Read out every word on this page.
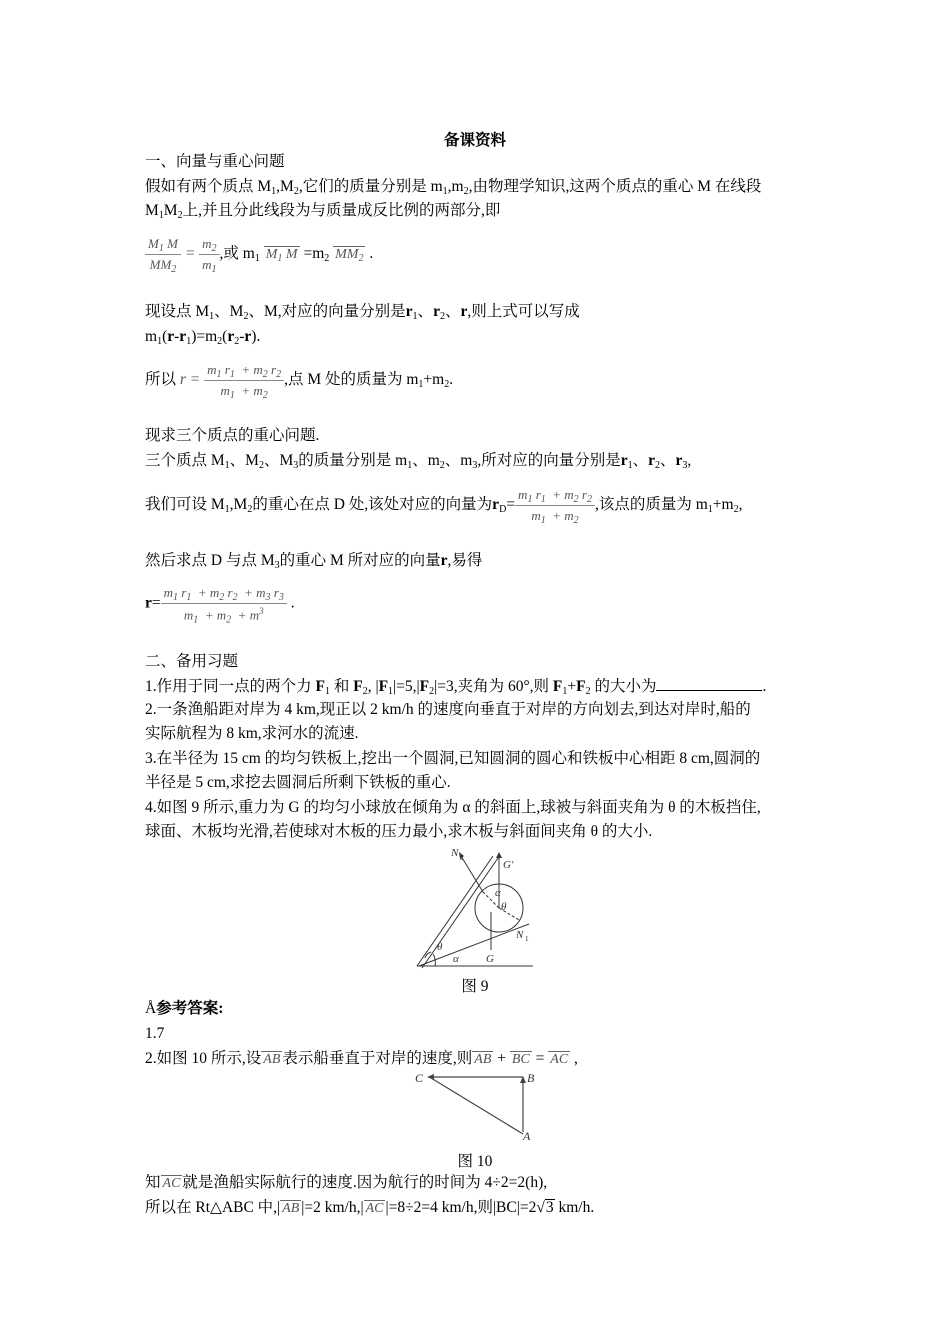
备课资料
一、向量与重心问题
假如有两个质点 $M_1,M_2$,它们的质量分别是 $m_1,m_2$,由物理学知识,这两个质点的重心 M 在线段
$M_1M_2$上,并且分此线段为与质量成反比例的两部分,即
$\frac{M_1 M}{MM_2} = \frac{m_2}{m_1}$ ,或 $m_1$ $M_1$ $M =m_2$ $MM_2$ .
现设点 $M_1$、$M_2$、M,对应的向量分别是$r_1$、$r_2$、r,则上式可以写成
$m_1(r-r_1)=m_2(r_2-r)$.
所以 $r = \frac{m_1 r_1 + m_2 r_2}{m_1 + m_2}$ ,点 M 处的质量为 $m_1+m_2$.
现求三个质点的重心问题.
三个质点 $M_1$、$M_2$、$M_3$的质量分别是 $m_1$、$m_2$、$m_3$,所对应的向量分别是$r_1$、$r_2$、$r_3$,
我们可设 $M_1,M_2$的重心在点 D 处,该处对应的向量为$r_D= \frac{m_1 r_1 + m_2 r_2}{m_1 + m_2}$ ,该点的质量为 $m_1+m_2$,
然后求点 D 与点 $M_3$的重心 M 所对应的向量r,易得
$r= \frac{m_1 r_1 + m_2 r_2 + m_3 r_3}{m_1 + m_2 + m^3}$ .
二、备用习题
1.作用于同一点的两个力 $F_1$ 和 $F_2$, $|F_1|=5,|F_2|=3$,夹角为 60°,则 $F_1+F_2$ 的大小为	.
2.一条渔船距对岸为 4 km,现正以 2 km/h 的速度向垂直于对岸的方向划去,到达对岸时,船的
实际航程为 8 km,求河水的流速.
3.在半径为 15 cm 的均匀铁板上,挖出一个圆洞,已知圆洞的圆心和铁板中心相距 8 cm,圆洞的
半径是 5 cm,求挖去圆洞后所剩下铁板的重心.
4.如图 9 所示,重力为 G 的均匀小球放在倾角为 α 的斜面上,球被与斜面夹角为 θ 的木板挡住,
球面、木板均光滑,若使球对木板的压力最小,求木板与斜面间夹角 θ 的大小.
N 2
G′
α
θ
N 1
θ
α G
图 9
Å参考答案:
1.7
2.如图 10 所示,设 AB 表示船垂直于对岸的速度,则 AB + BC = AC ,
C	B
A
图 10
知 AC 就是渔船实际航行的速度.因为航行的时间为 4÷2=2(h),
所以在 Rt△ABC 中,| AB |=2 km/h,| AC |=8÷2=4 km/h,则|BC|=2√3 km/h.
